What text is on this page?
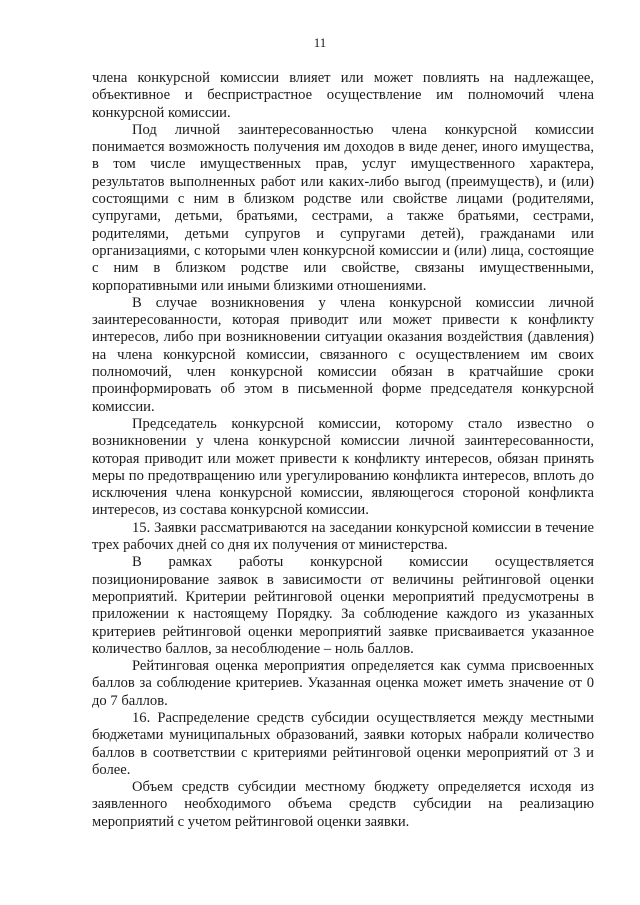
11

члена конкурсной комиссии влияет или может повлиять на надлежащее, объективное и беспристрастное осуществление им полномочий члена конкурсной комиссии.

Под личной заинтересованностью члена конкурсной комиссии понимается возможность получения им доходов в виде денег, иного имущества, в том числе имущественных прав, услуг имущественного характера, результатов выполненных работ или каких-либо выгод (преимуществ), и (или) состоящими с ним в близком родстве или свойстве лицами (родителями, супругами, детьми, братьями, сестрами, а также братьями, сестрами, родителями, детьми супругов и супругами детей), гражданами или организациями, с которыми член конкурсной комиссии и (или) лица, состоящие с ним в близком родстве или свойстве, связаны имущественными, корпоративными или иными близкими отношениями.

В случае возникновения у члена конкурсной комиссии личной заинтересованности, которая приводит или может привести к конфликту интересов, либо при возникновении ситуации оказания воздействия (давления) на члена конкурсной комиссии, связанного с осуществлением им своих полномочий, член конкурсной комиссии обязан в кратчайшие сроки проинформировать об этом в письменной форме председателя конкурсной комиссии.

Председатель конкурсной комиссии, которому стало известно о возникновении у члена конкурсной комиссии личной заинтересованности, которая приводит или может привести к конфликту интересов, обязан принять меры по предотвращению или урегулированию конфликта интересов, вплоть до исключения члена конкурсной комиссии, являющегося стороной конфликта интересов, из состава конкурсной комиссии.

15. Заявки рассматриваются на заседании конкурсной комиссии в течение трех рабочих дней со дня их получения от министерства.

В рамках работы конкурсной комиссии осуществляется позиционирование заявок в зависимости от величины рейтинговой оценки мероприятий. Критерии рейтинговой оценки мероприятий предусмотрены в приложении к настоящему Порядку. За соблюдение каждого из указанных критериев рейтинговой оценки мероприятий заявке присваивается указанное количество баллов, за несоблюдение – ноль баллов.

Рейтинговая оценка мероприятия определяется как сумма присвоенных баллов за соблюдение критериев. Указанная оценка может иметь значение от 0 до 7 баллов.

16. Распределение средств субсидии осуществляется между местными бюджетами муниципальных образований, заявки которых набрали количество баллов в соответствии с критериями рейтинговой оценки мероприятий от 3 и более.

Объем средств субсидии местному бюджету определяется исходя из заявленного необходимого объема средств субсидии на реализацию мероприятий с учетом рейтинговой оценки заявки.
